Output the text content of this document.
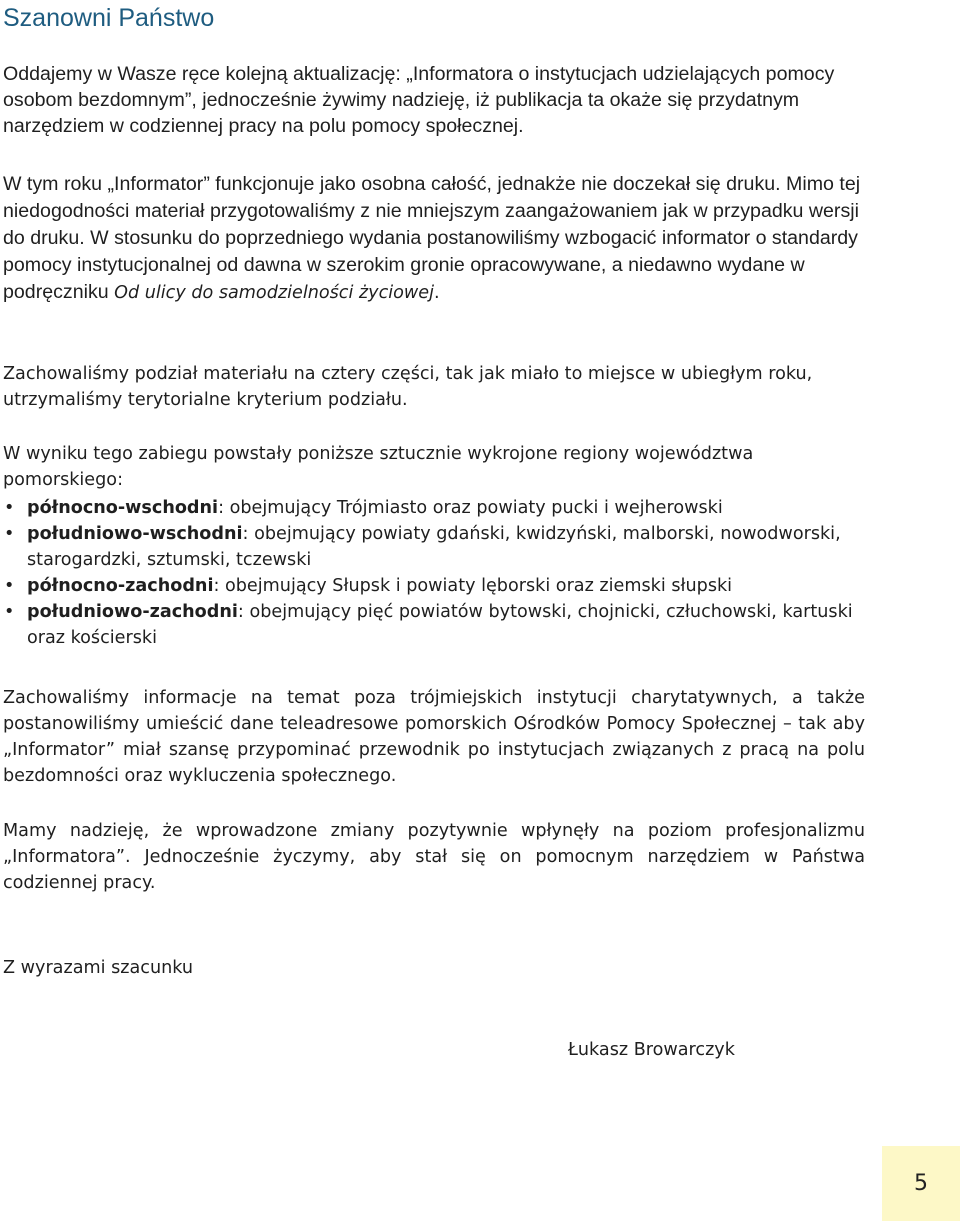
Szanowni Państwo

Oddajemy w Wasze ręce kolejną aktualizację: „Informatora o instytucjach udzielających pomocy osobom bezdomnym”, jednocześnie żywimy nadzieję, iż publikacja ta okaże się przydatnym narzędziem w codziennej pracy na polu pomocy społecznej.

W tym roku „Informator” funkcjonuje jako osobna całość, jednakże nie doczekał się druku. Mimo tej niedogodności materiał przygotowaliśmy z nie mniejszym zaangażowaniem jak w przypadku wersji do druku. W stosunku do poprzedniego wydania postanowiliśmy wzbogacić informator o standardy pomocy instytucjonalnej od dawna w szerokim gronie opracowywane, a niedawno wydane w podręczniku Od ulicy do samodzielności życiowej.

Zachowaliśmy podział materiału na cztery części, tak jak miało to miejsce w ubiegłym roku, utrzymaliśmy terytorialne kryterium podziału.

W wyniku tego zabiegu powstały poniższe sztucznie wykrojone regiony województwa pomorskiego:

• północno-wschodni: obejmujący Trójmiasto oraz powiaty pucki i wejherowski
• południowo-wschodni: obejmujący powiaty gdański, kwidzyński, malborski, nowodworski, starogardzki, sztumski, tczewski
• północno-zachodni: obejmujący Słupsk i powiaty lęborski oraz ziemski słupski
• południowo-zachodni: obejmujący pięć powiatów bytowski, chojnicki, człuchowski, kartuski oraz kościerski

Zachowaliśmy informacje na temat poza trójmiejskich instytucji charytatywnych, a także postanowiliśmy umieścić dane teleadresowe pomorskich Ośrodków Pomocy Społecznej – tak aby „Informator” miał szansę przypominać przewodnik po instytucjach związanych z pracą na polu bezdomności oraz wykluczenia społecznego.

Mamy nadzieję, że wprowadzone zmiany pozytywnie wpłynęły na poziom profesjonalizmu „Informatora”. Jednocześnie życzymy, aby stał się on pomocnym narzędziem w Państwa codziennej pracy.

Z wyrazami szacunku

Łukasz Browarczyk

5
